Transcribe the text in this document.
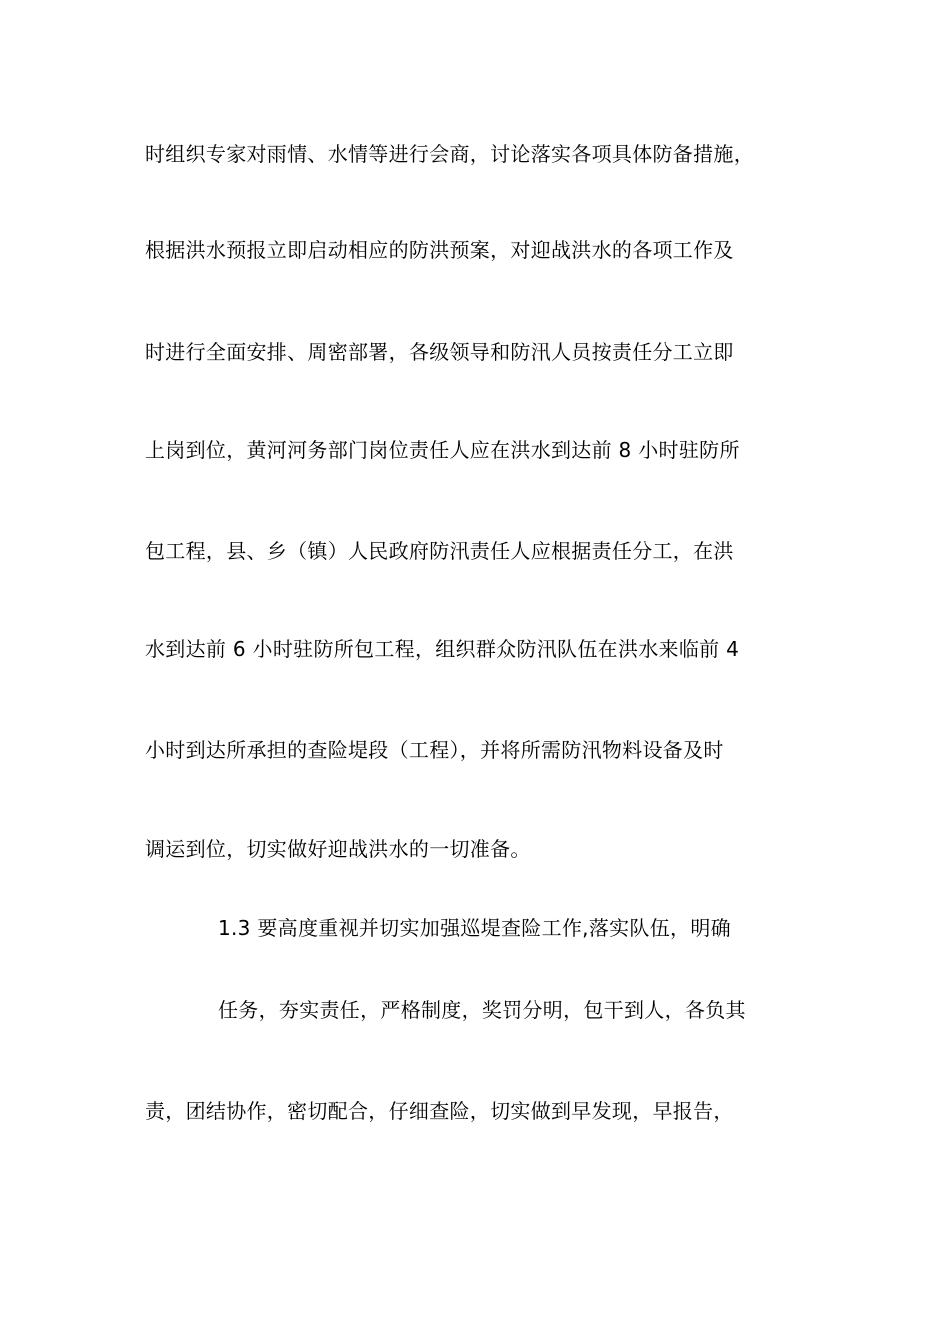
时组织专家对雨情、水情等进行会商，讨论落实各项具体防备措施，
根据洪水预报立即启动相应的防洪预案，对迎战洪水的各项工作及
时进行全面安排、周密部署，各级领导和防汛人员按责任分工立即
上岗到位，黄河河务部门岗位责任人应在洪水到达前 8 小时驻防所
包工程，县、乡（镇）人民政府防汛责任人应根据责任分工，在洪
水到达前 6 小时驻防所包工程，组织群众防汛队伍在洪水来临前 4
小时到达所承担的查险堤段（工程），并将所需防汛物料设备及时
调运到位，切实做好迎战洪水的一切准备。
1.3 要高度重视并切实加强巡堤查险工作,落实队伍，明确
任务，夯实责任，严格制度，奖罚分明，包干到人，各负其
责，团结协作，密切配合，仔细查险，切实做到早发现，早报告，
